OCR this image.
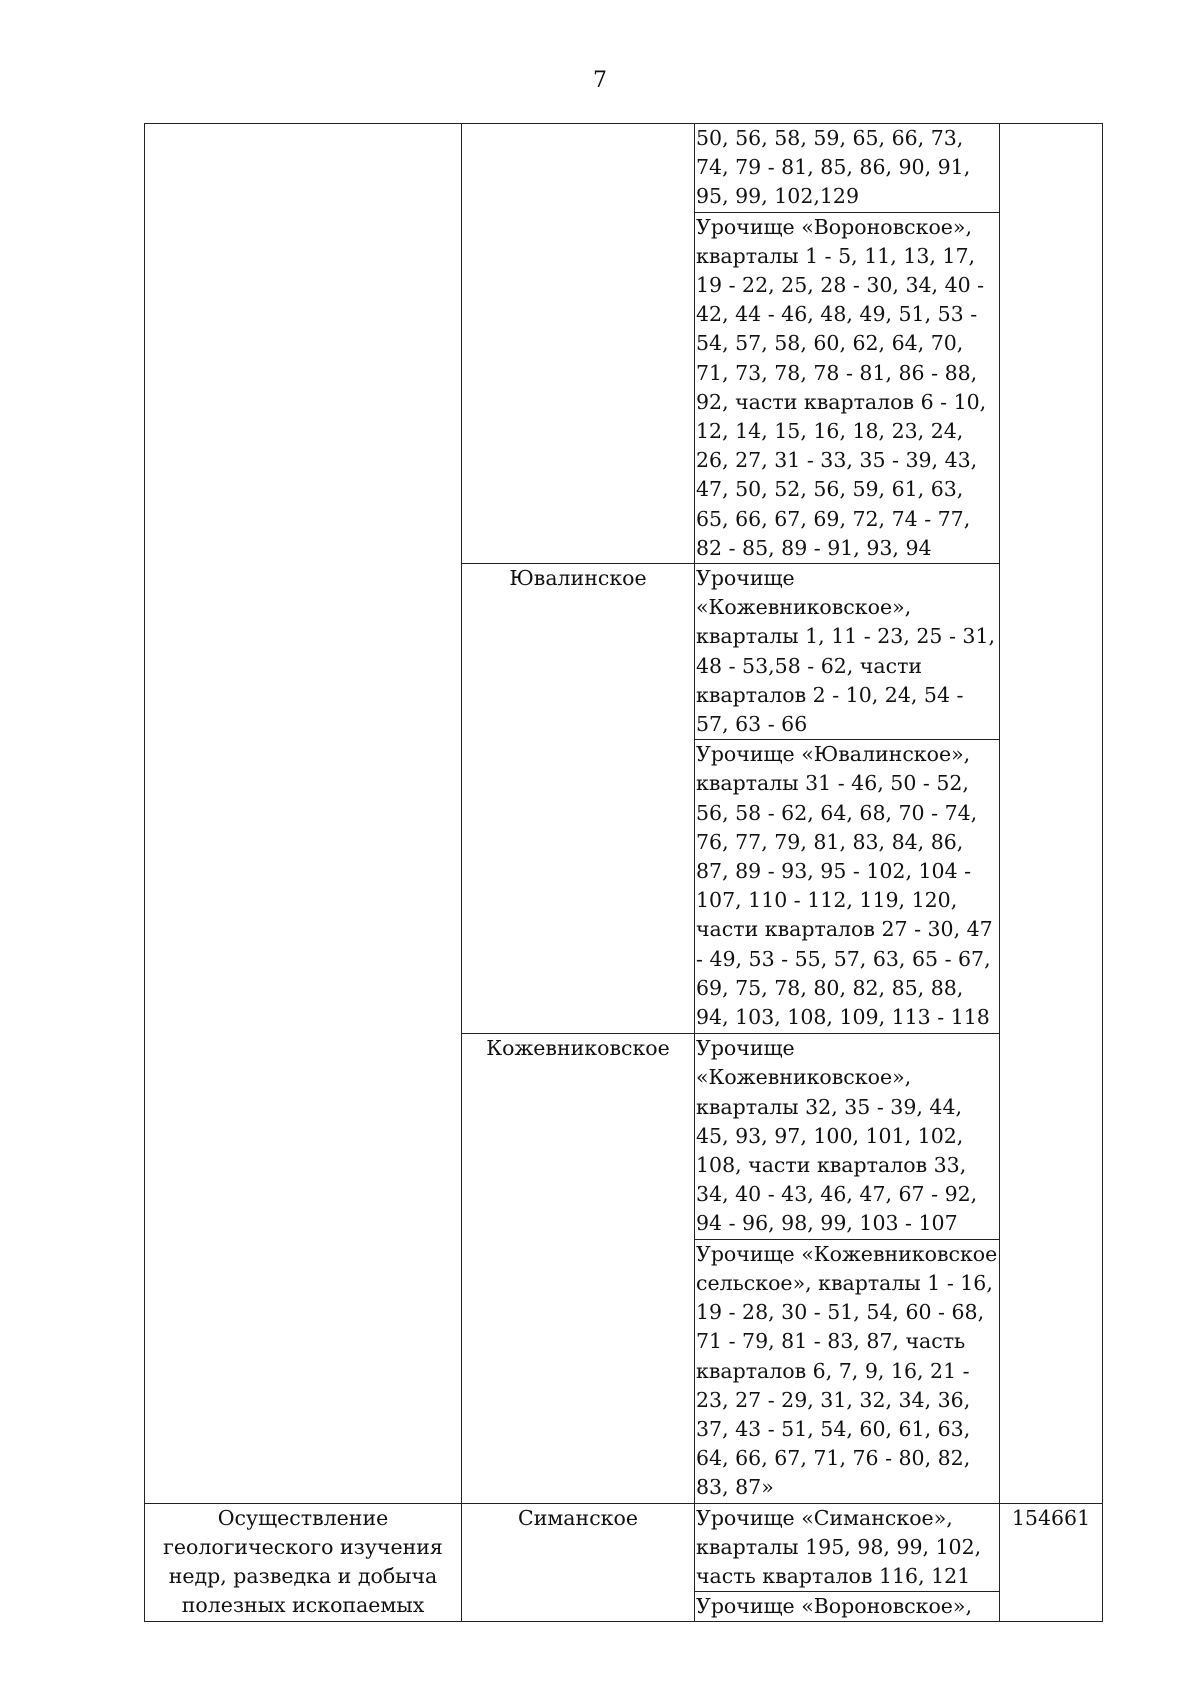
7
		50, 56, 58, 59, 65, 66, 73, 74, 79 - 81, 85, 86, 90, 91, 95, 99, 102,129	
		Урочище «Вороновское», кварталы 1 - 5, 11, 13, 17, 19 - 22, 25, 28 - 30, 34, 40 - 42, 44 - 46, 48, 49, 51, 53 - 54, 57, 58, 60, 62, 64, 70, 71, 73, 78, 78 - 81, 86 - 88, 92, части кварталов 6 - 10, 12, 14, 15, 16, 18, 23, 24, 26, 27, 31 - 33, 35 - 39, 43, 47, 50, 52, 56, 59, 61, 63, 65, 66, 67, 69, 72, 74 - 77, 82 - 85, 89 - 91, 93, 94	
	Ювалинское	Урочище «Кожевниковское», кварталы 1, 11 - 23, 25 - 31, 48 - 53,58 - 62, части кварталов 2 - 10, 24, 54 - 57, 63 - 66	
		Урочище «Ювалинское», кварталы 31 - 46, 50 - 52, 56, 58 - 62, 64, 68, 70 - 74, 76, 77, 79, 81, 83, 84, 86, 87, 89 - 93, 95 - 102, 104 - 107, 110 - 112, 119, 120, части кварталов 27 - 30, 47 - 49, 53 - 55, 57, 63, 65 - 67, 69, 75, 78, 80, 82, 85, 88, 94, 103, 108, 109, 113 - 118	
	Кожевниковское	Урочище «Кожевниковское», кварталы 32, 35 - 39, 44, 45, 93, 97, 100, 101, 102, 108, части кварталов 33, 34, 40 - 43, 46, 47, 67 - 92, 94 - 96, 98, 99, 103 - 107	
		Урочище «Кожевниковское сельское», кварталы 1 - 16, 19 - 28, 30 - 51, 54, 60 - 68, 71 - 79, 81 - 83, 87, часть кварталов 6, 7, 9, 16, 21 - 23, 27 - 29, 31, 32, 34, 36, 37, 43 - 51, 54, 60, 61, 63, 64, 66, 67, 71, 76 - 80, 82, 83, 87»	
Осуществление геологического изучения недр, разведка и добыча полезных ископаемых	Симанское	Урочище «Симанское», кварталы 195, 98, 99, 102, часть кварталов 116, 121	154661
		Урочище «Вороновское»,	
